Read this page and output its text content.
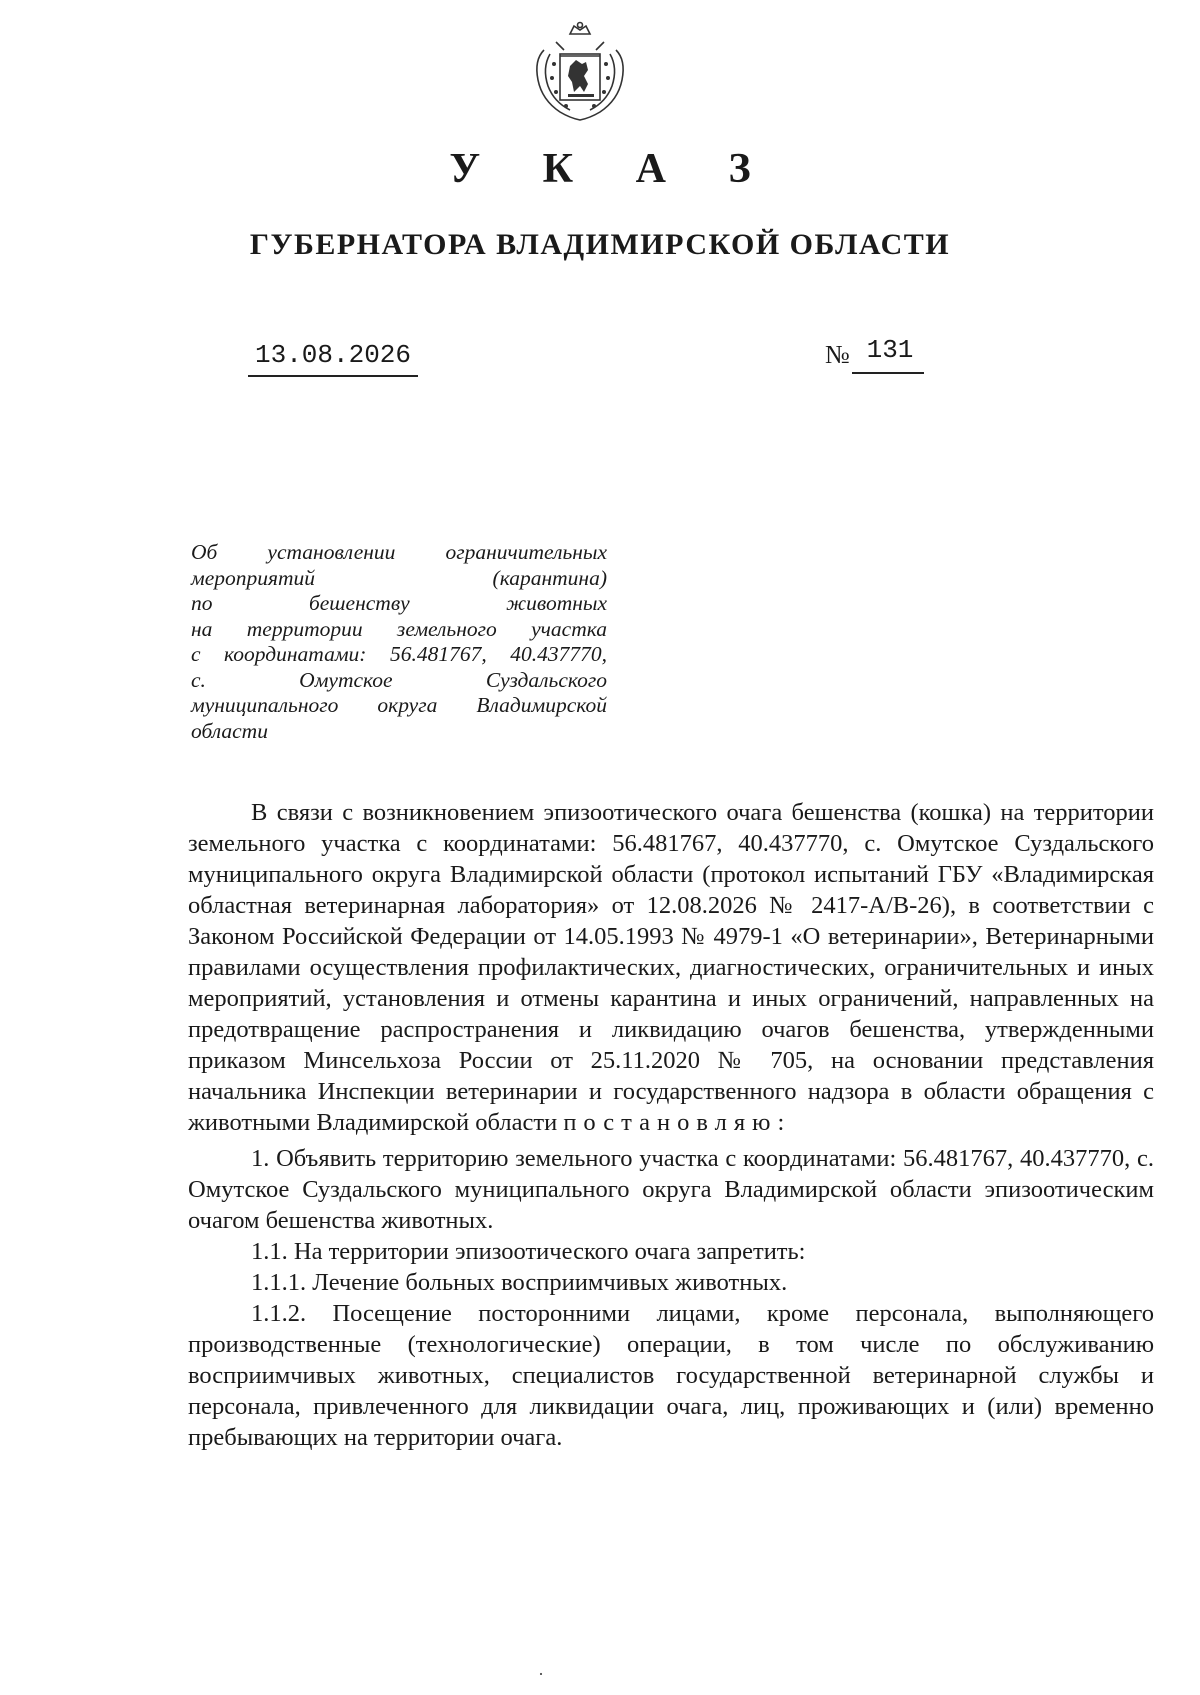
У К А З
ГУБЕРНАТОРА ВЛАДИМИРСКОЙ ОБЛАСТИ
13.08.2026	№ 131
Об установлении ограничительных
мероприятий (карантина)
по бешенству животных
на территории земельного участка
с координатами: 56.481767, 40.437770,
с. Омутское Суздальского
муниципального округа Владимирской
области

В связи с возникновением эпизоотического очага бешенства (кошка) на территории земельного участка с координатами: 56.481767, 40.437770, с. Омутское Суздальского муниципального округа Владимирской области (протокол испытаний ГБУ «Владимирская областная ветеринарная лаборатория» от 12.08.2026 № 2417-А/В-26), в соответствии с Законом Российской Федерации от 14.05.1993 № 4979-1 «О ветеринарии», Ветеринарными правилами осуществления профилактических, диагностических, ограничительных и иных мероприятий, установления и отмены карантина и иных ограничений, направленных на предотвращение распространения и ликвидацию очагов бешенства, утвержденными приказом Минсельхоза России от 25.11.2020 № 705, на основании представления начальника Инспекции ветеринарии и государственного надзора в области обращения с животными Владимирской области постановляю:

1. Объявить территорию земельного участка с координатами: 56.481767, 40.437770, с. Омутское Суздальского муниципального округа Владимирской области эпизоотическим очагом бешенства животных.

1.1. На территории эпизоотического очага запретить:

1.1.1. Лечение больных восприимчивых животных.

1.1.2. Посещение посторонними лицами, кроме персонала, выполняющего производственные (технологические) операции, в том числе по обслуживанию восприимчивых животных, специалистов государственной ветеринарной службы и персонала, привлеченного для ликвидации очага, лиц, проживающих и (или) временно пребывающих на территории очага.

·
